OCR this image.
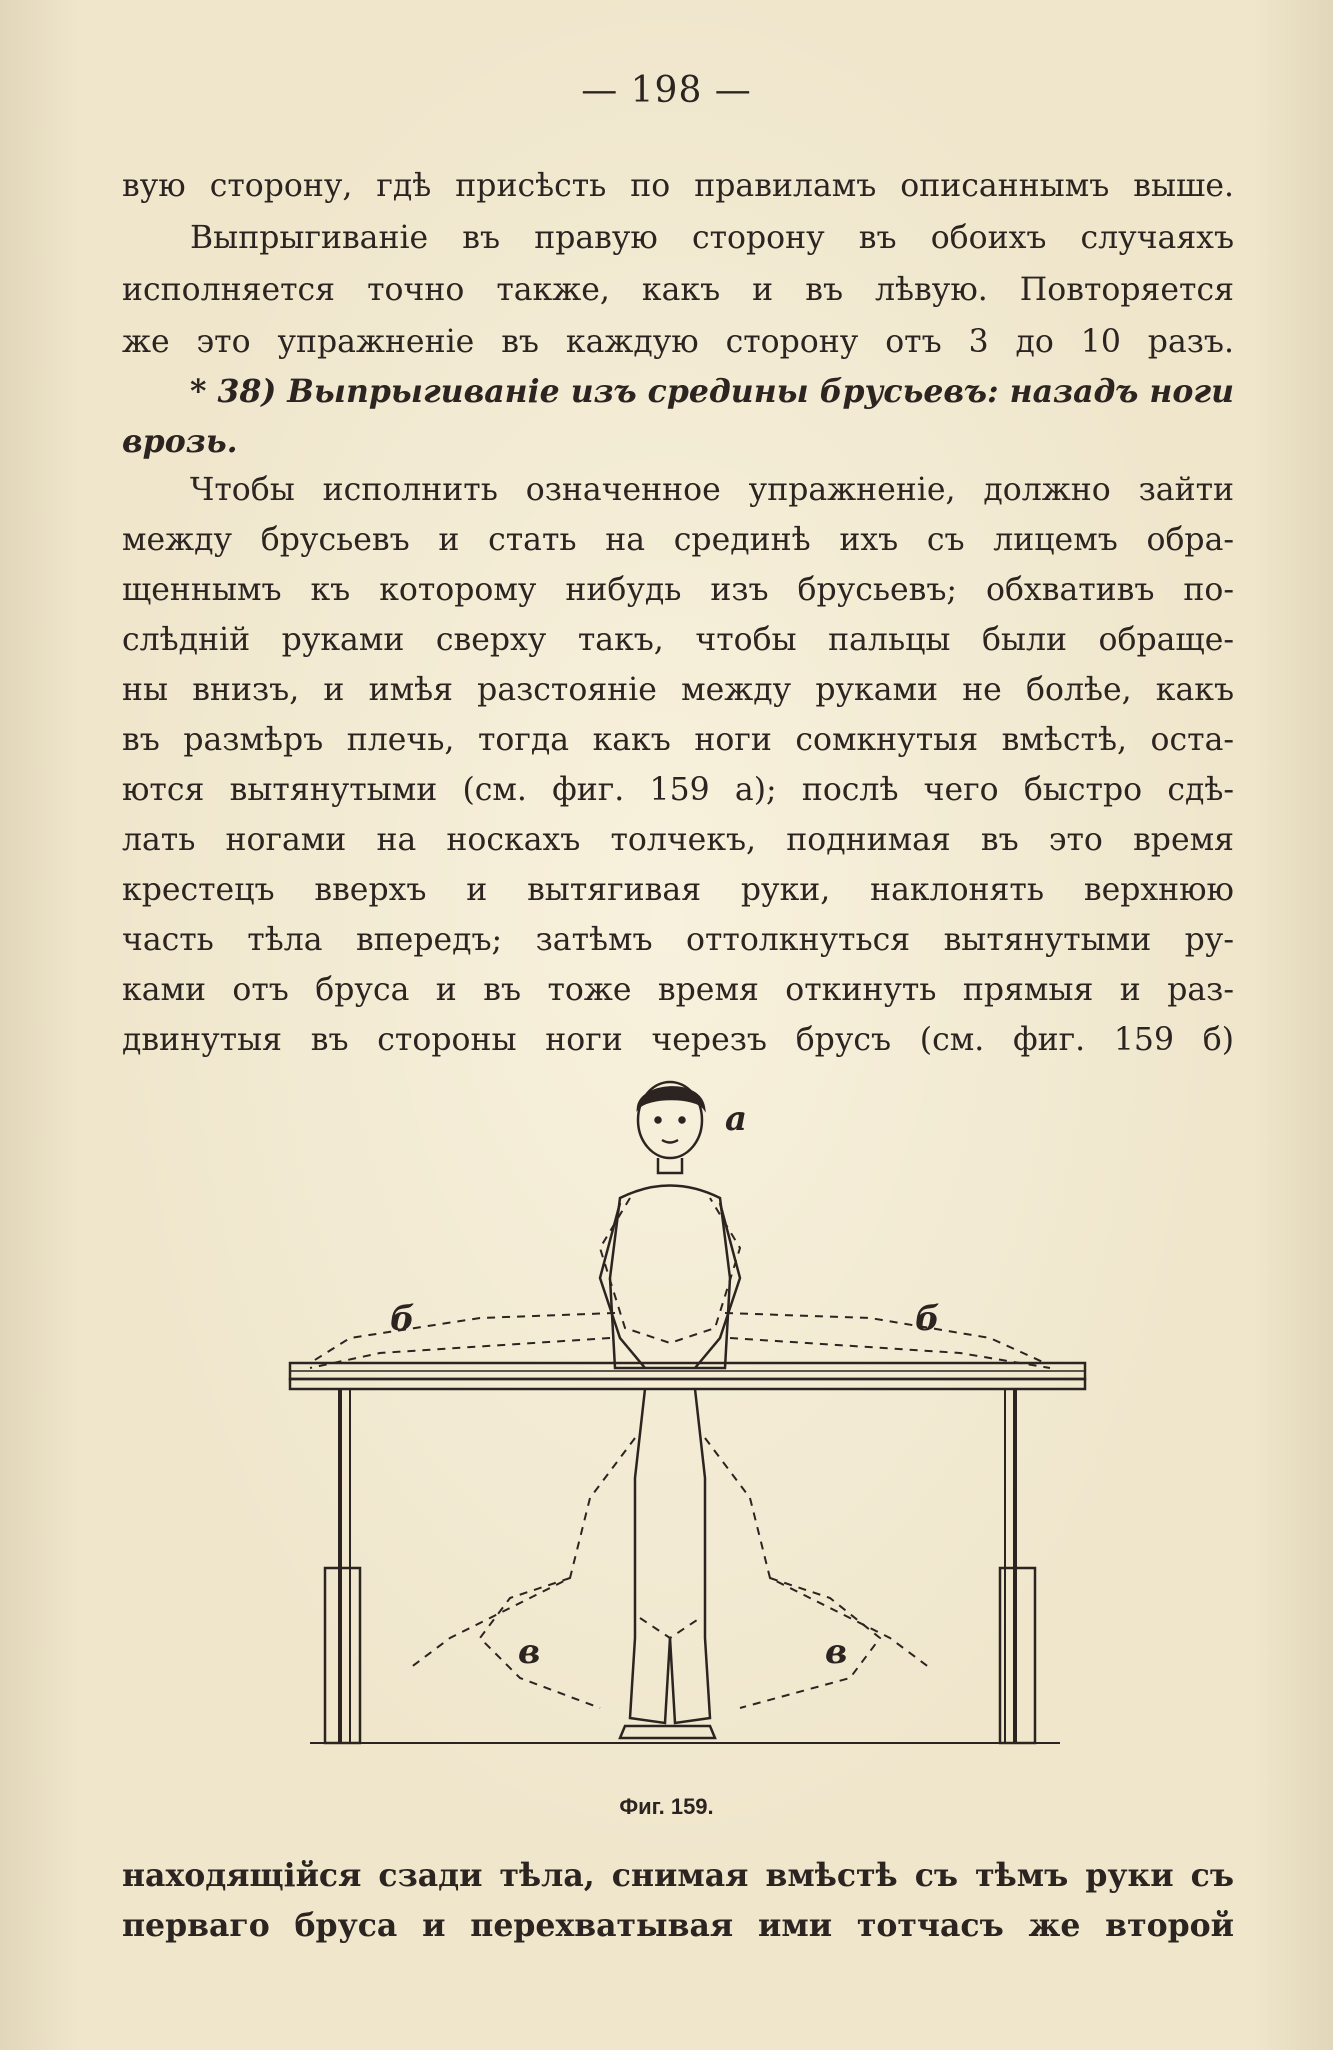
— 198 —
вую сторону, гдѣ присѣсть по правиламъ описаннымъ выше.
Выпрыгиванiе въ правую сторону въ обоихъ случаяхъ
исполняется точно также, какъ и въ лѣвую. Повторяется
же это упражненiе въ каждую сторону отъ 3 до 10 разъ.
* 38) Выпрыгиванiе изъ средины брусьевъ: назадъ ноги
врозь.
Чтобы исполнить означенное упражненiе, должно зайти
между брусьевъ и стать на срединѣ ихъ съ лицемъ обра-
щеннымъ къ которому нибудь изъ брусьевъ; обхвативъ по-
слѣднiй руками сверху такъ, чтобы пальцы были обраще-
ны внизъ, и имѣя разстоянiе между руками не болѣе, какъ
въ размѣръ плечь, тогда какъ ноги сомкнутыя вмѣстѣ, оста-
ются вытянутыми (см. фиг. 159 а); послѣ чего быстро сдѣ-
лать ногами на носкахъ толчекъ, поднимая въ это время
крестецъ вверхъ и вытягивая руки, наклонять верхнюю
часть тѣла впередъ; затѣмъ оттолкнуться вытянутыми ру-
ками отъ бруса и въ тоже время откинуть прямыя и раз-
двинутыя въ стороны ноги черезъ брусъ (см. фиг. 159 б)
a
б	б
в	в
Фиг. 159.
находящiйся сзади тѣла, снимая вмѣстѣ съ тѣмъ руки съ
перваго бруса и перехватывая ими тотчасъ же второй
